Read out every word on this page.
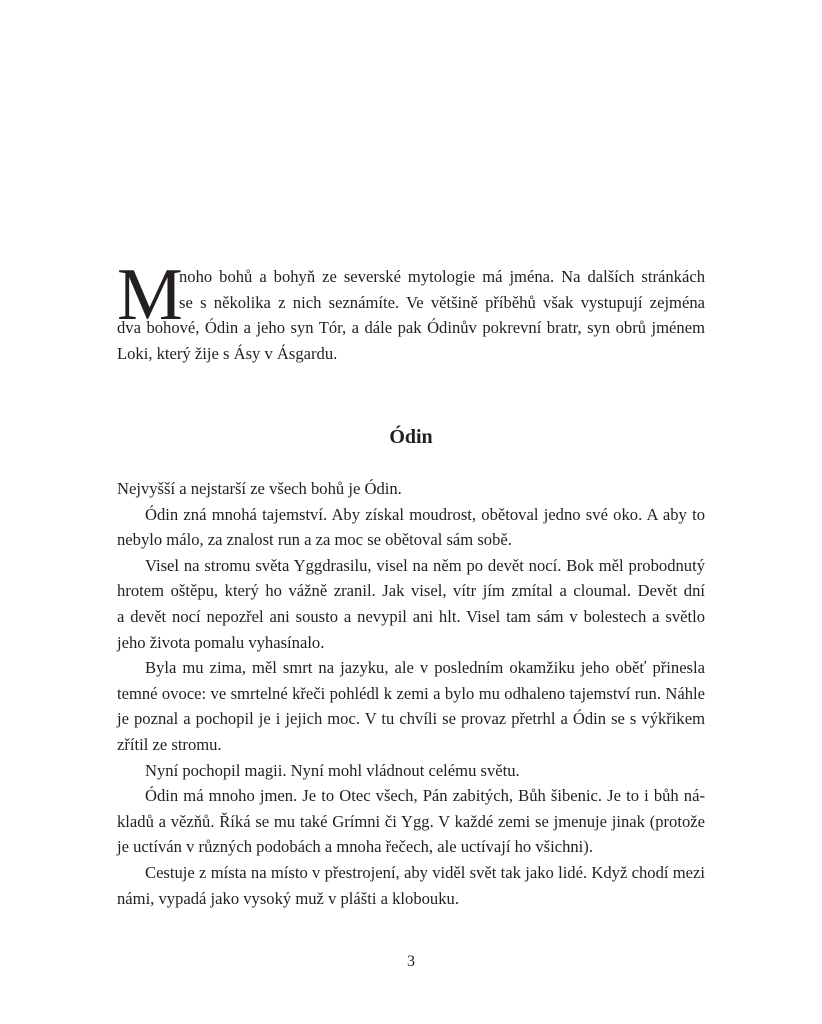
M
noho bohů a bohyň ze severské mytologie má jména. Na dalších stránkách
se s několika z nich seznámíte. Ve většině příběhů však vystupují zejména
dva bohové, Ódin a jeho syn Tór, a dále pak Ódinův pokrevní bratr, syn obrů jménem
Loki, který žije s Ásy v Ásgardu.
Ódin

Nejvyšší a nejstarší ze všech bohů je Ódin.

Ódin zná mnohá tajemství. Aby získal moudrost, obětoval jedno své oko. A aby to
nebylo málo, za znalost run a za moc se obětoval sám sobě.

Visel na stromu světa Yggdrasilu, visel na něm po devět nocí. Bok měl probodnutý
hrotem oštěpu, který ho vážně zranil. Jak visel, vítr jím zmítal a cloumal. Devět dní
a devět nocí nepozřel ani sousto a nevypil ani hlt. Visel tam sám v bolestech a světlo
jeho života pomalu vyhasínalo.

Byla mu zima, měl smrt na jazyku, ale v posledním okamžiku jeho oběť přinesla
temné ovoce: ve smrtelné křeči pohlédl k zemi a bylo mu odhaleno tajemství run. Náhle
je poznal a pochopil je i jejich moc. V tu chvíli se provaz přetrhl a Ódin se s výkřikem
zřítil ze stromu.

Nyní pochopil magii. Nyní mohl vládnout celému světu.

Ódin má mnoho jmen. Je to Otec všech, Pán zabitých, Bůh šibenic. Je to i bůh ná-
kladů a vězňů. Říká se mu také Grímni či Ygg. V každé zemi se jmenuje jinak (protože
je uctíván v různých podobách a mnoha řečech, ale uctívají ho všichni).

Cestuje z místa na místo v přestrojení, aby viděl svět tak jako lidé. Když chodí mezi
námi, vypadá jako vysoký muž v plášti a klobouku.

3
